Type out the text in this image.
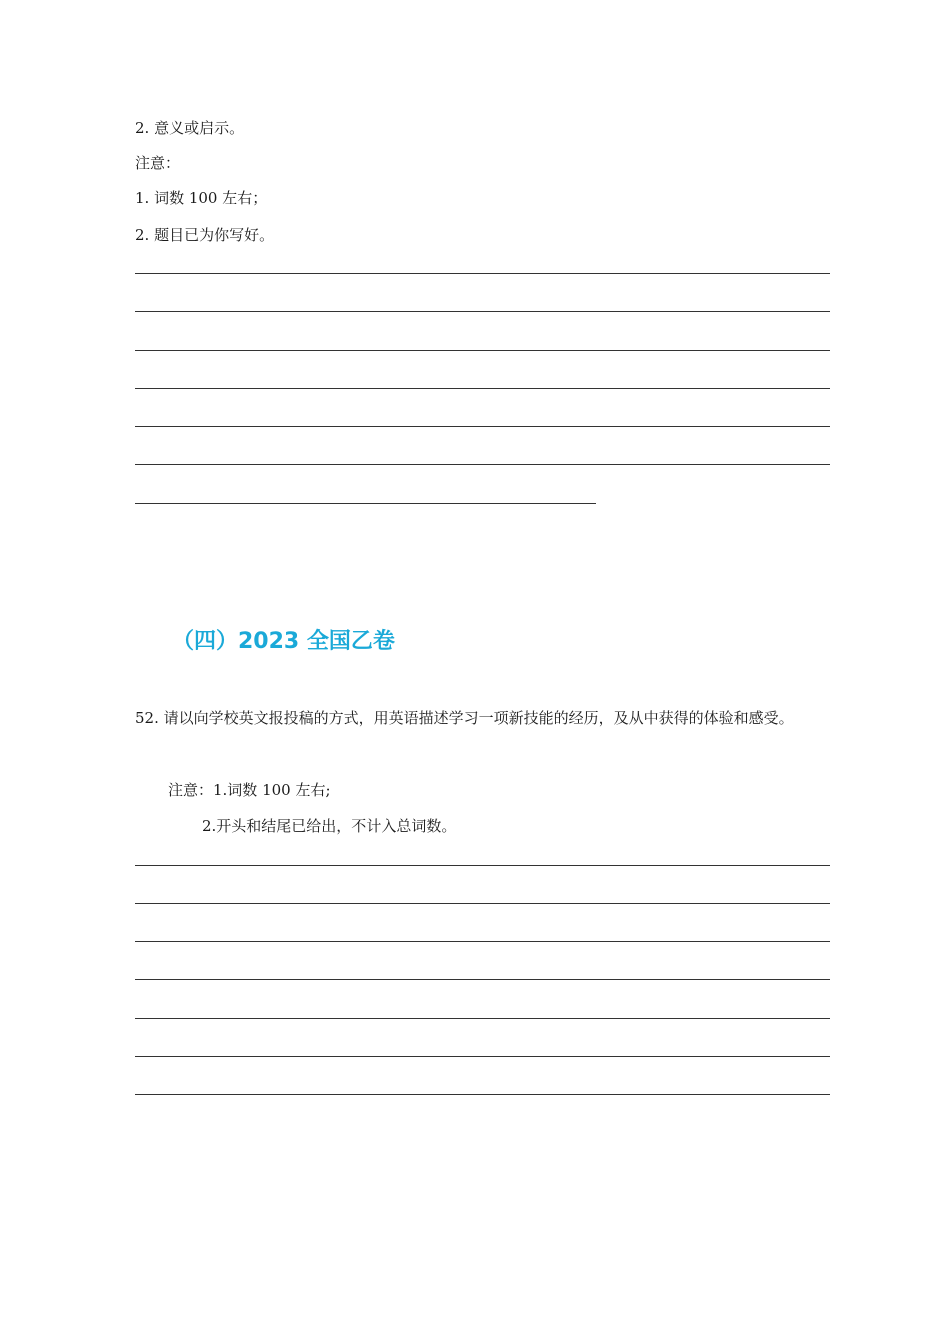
2. 意义或启示。
注意：
1. 词数 100 左右；
2. 题目已为你写好。
（四）2023 全国乙卷
52. 请以向学校英文报投稿的方式，用英语描述学习一项新技能的经历，及从中获得的体验和感受。
注意：1.词数 100 左右;
2.开头和结尾已给出，不计入总词数。
